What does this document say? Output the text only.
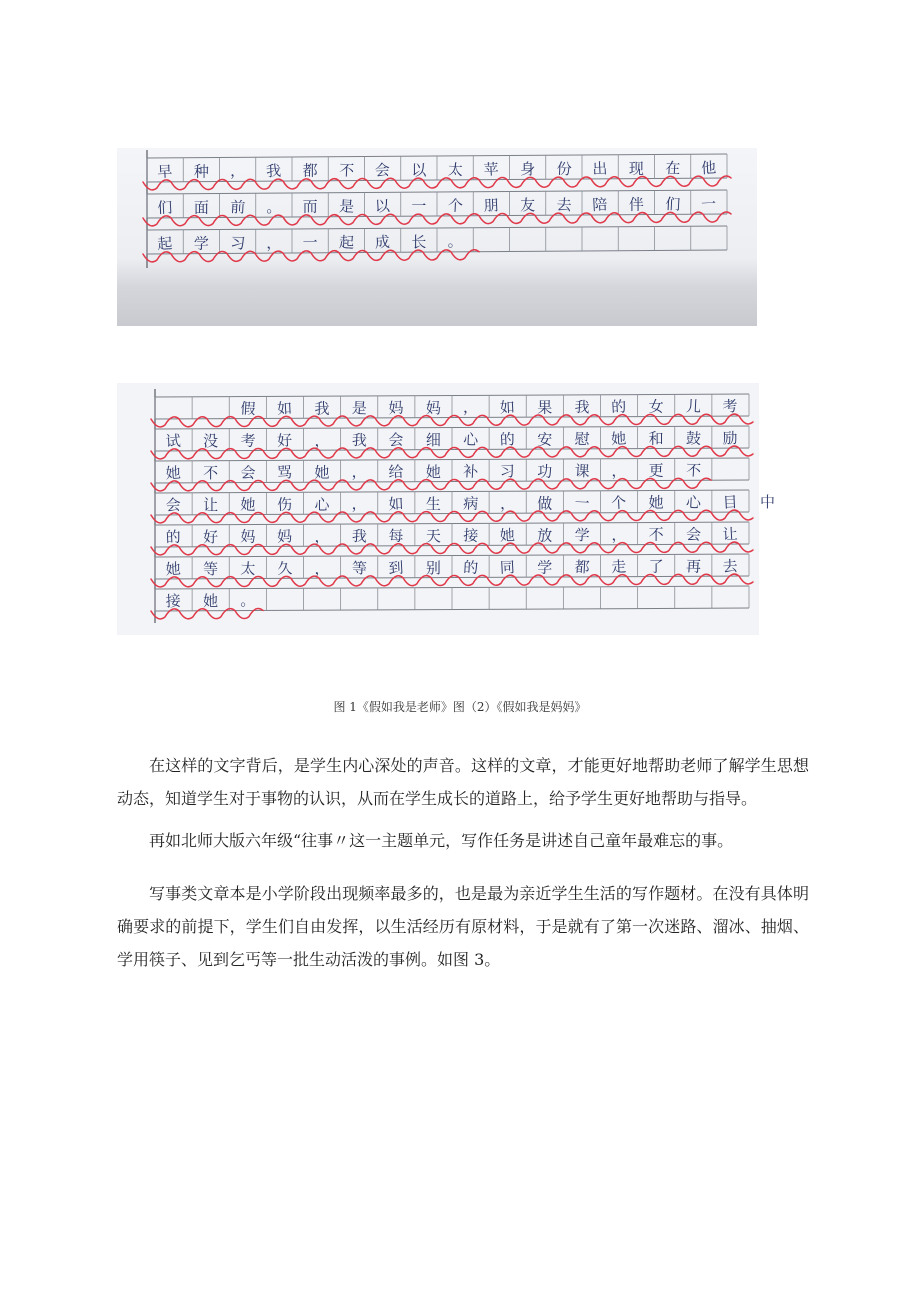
早 种 ， 我 都 不 会 以 太 苹 身 份 出 现 在 他
们 面 前 。 而 是 以 一 个 朋 友 去 陪 伴 们 一
起 学 习 ， 一 起 成 长 。
假 如 我 是 妈 妈 ， 如 果 我 的 女 儿 考
试 没 考 好 ， 我 会 细 心 的 安 慰 她 和 鼓 励
她 不 会 骂 她 ， 给 她 补 习 功 课 ， 更 不
会 让 她 伤 心 ， 如 生 病 ， 做 一 个 她 心 目 中
的 好 妈 妈 ， 我 每 天 接 她 放 学 ， 不 会 让
她 等 太 久 ， 等 到 别 的 同 学 都 走 了 再 去
接 她 。
图 1《假如我是老师》图（2）《假如我是妈妈》

在这样的文字背后，是学生内心深处的声音。这样的文章，才能更好地帮助老师了解学生思想动态，知道学生对于事物的认识，从而在学生成长的道路上，给予学生更好地帮助与指导。

再如北师大版六年级“往事〃这一主题单元，写作任务是讲述自己童年最难忘的事。

写事类文章本是小学阶段出现频率最多的，也是最为亲近学生生活的写作题材。在没有具体明确要求的前提下，学生们自由发挥，以生活经历有原材料，于是就有了第一次迷路、溜冰、抽烟、学用筷子、见到乞丐等一批生动活泼的事例。如图 3。
